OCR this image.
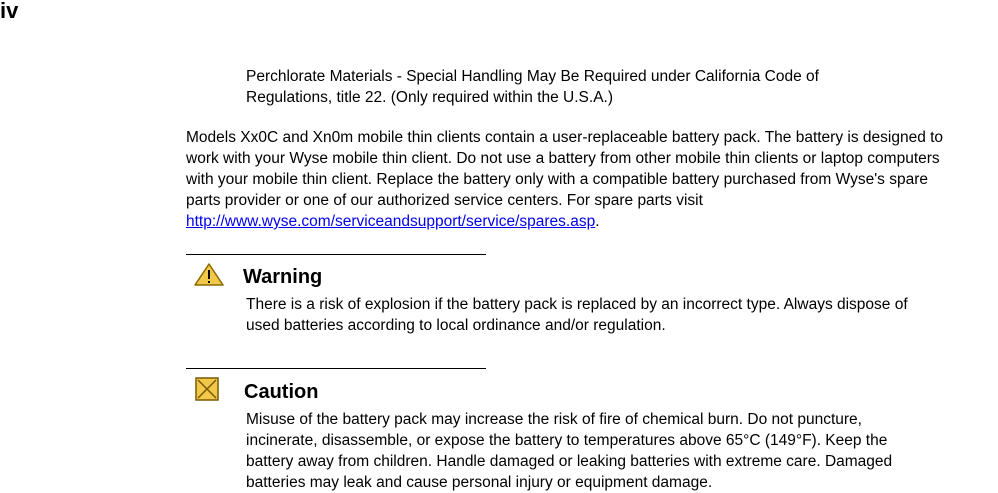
iv
Perchlorate Materials - Special Handling May Be Required under California Code of
Regulations, title 22. (Only required within the U.S.A.)
Models Xx0C and Xn0m mobile thin clients contain a user-replaceable battery pack. The battery is designed to
work with your Wyse mobile thin client. Do not use a battery from other mobile thin clients or laptop computers
with your mobile thin client. Replace the battery only with a compatible battery purchased from Wyse's spare
parts provider or one of our authorized service centers. For spare parts visit
http://www.wyse.com/serviceandsupport/service/spares.asp.
Warning
There is a risk of explosion if the battery pack is replaced by an incorrect type. Always dispose of
used batteries according to local ordinance and/or regulation.
Caution
Misuse of the battery pack may increase the risk of fire of chemical burn. Do not puncture,
incinerate, disassemble, or expose the battery to temperatures above 65°C (149°F). Keep the
battery away from children. Handle damaged or leaking batteries with extreme care. Damaged
batteries may leak and cause personal injury or equipment damage.
